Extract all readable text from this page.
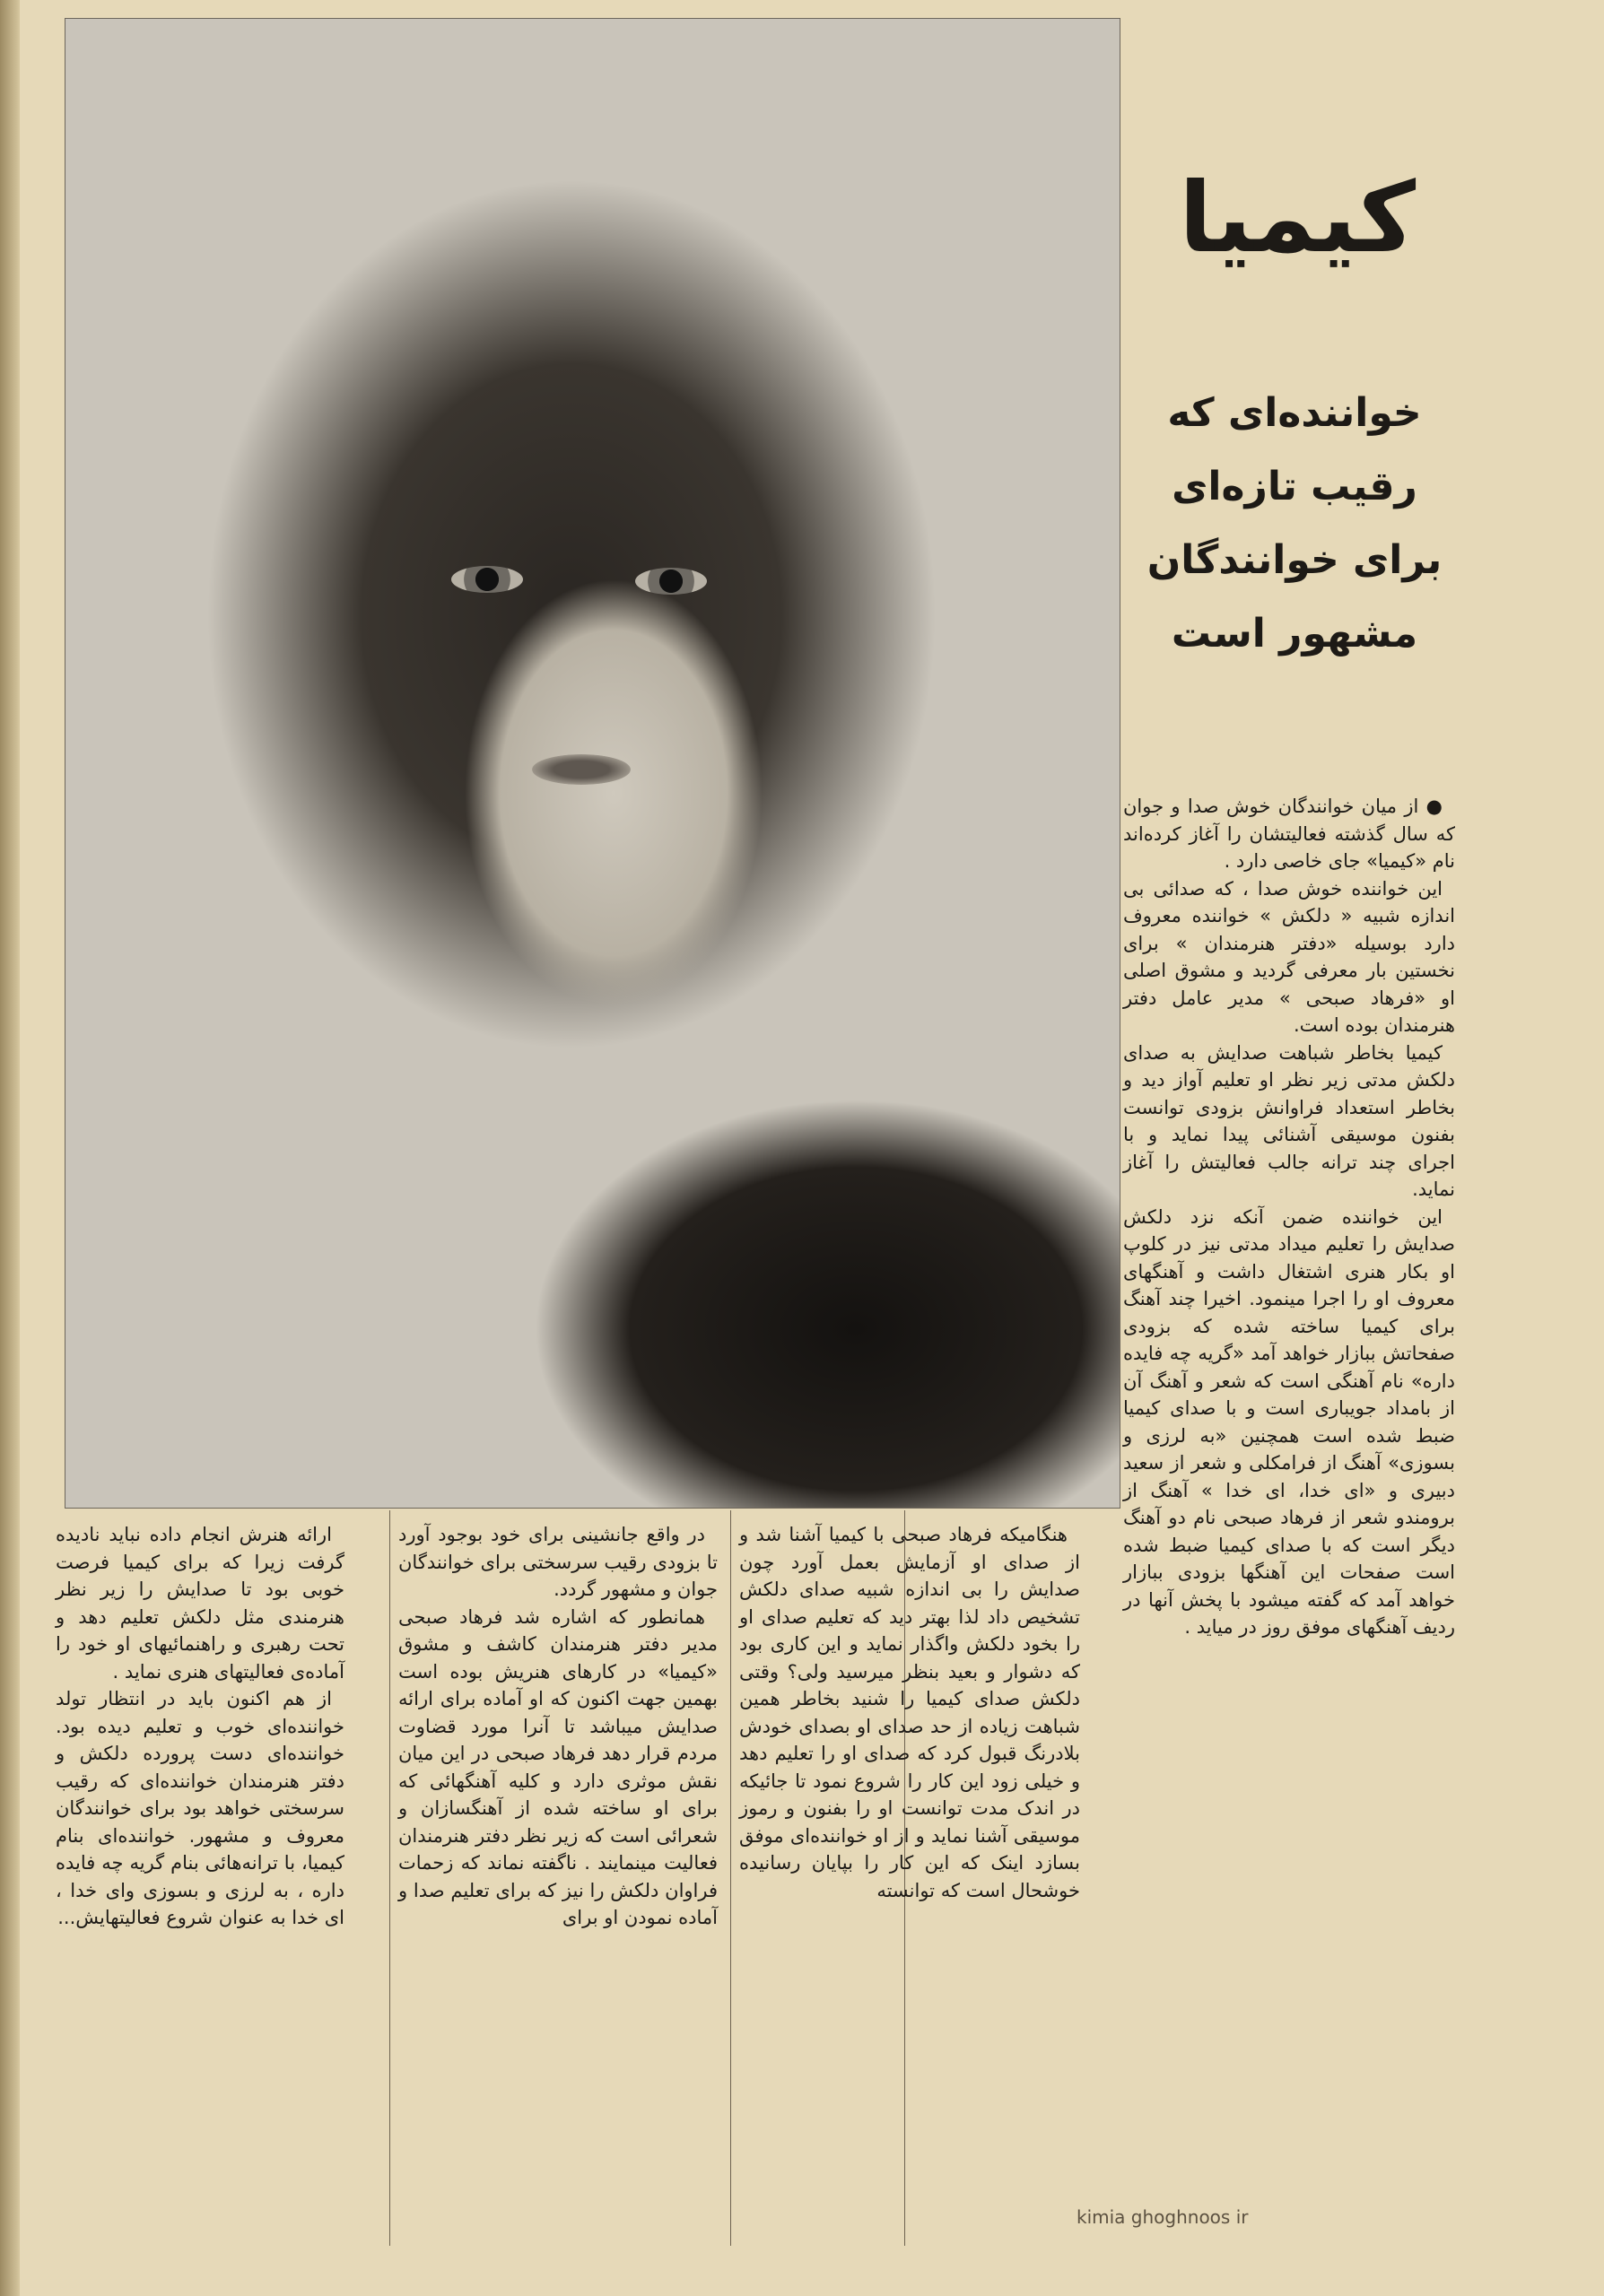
کیمیا
خواننده‌ای که
رقیب تازه‌ای
برای خوانندگان
مشهور است

● از میان خوانندگان خوش صدا و جوان که سال گذشته فعالیتشان را آغاز کرده‌اند نام «کیمیا» جای خاصی دارد .

این خواننده خوش صدا ، که صدائی بی اندازه شبیه « دلکش » خواننده معروف دارد بوسیله «دفتر هنرمندان » برای نخستین بار معرفی گردید و مشوق اصلی او «فرهاد صبحی » مدیر عامل دفتر هنرمندان بوده است.

کیمیا بخاطر شباهت صدایش به صدای دلکش مدتی زیر نظر او تعلیم آواز دید و بخاطر استعداد فراوانش بزودی توانست بفنون موسیقی آشنائی پیدا نماید و با اجرای چند ترانه جالب فعالیتش را آغاز نماید.

این خواننده ضمن آنکه نزد دلکش صدایش را تعلیم میداد مدتی نیز در کلوپ او بکار هنری اشتغال داشت و آهنگهای معروف او را اجرا مینمود. اخیرا چند آهنگ برای کیمیا ساخته شده که بزودی صفحاتش ببازار خواهد آمد «گریه چه فایده داره» نام آهنگی است که شعر و آهنگ آن از بامداد جویباری است و با صدای کیمیا ضبط شده است همچنین «به لرزی و بسوزی» آهنگ از فرامکلی و شعر از سعید دبیری و «ای خدا، ای خدا » آهنگ از برومندو شعر از فرهاد صبحی نام دو آهنگ دیگر است که با صدای کیمیا ضبط شده است صفحات این آهنگها بزودی ببازار خواهد آمد که گفته میشود با پخش آنها در ردیف آهنگهای موفق روز در میاید .

هنگامیکه فرهاد صبحی با کیمیا آشنا شد و از صدای او آزمایش بعمل آورد چون صدایش را بی اندازه شبیه صدای دلکش تشخیص داد لذا بهتر دید که تعلیم صدای او را بخود دلکش واگذار نماید و این کاری بود که دشوار و بعید بنظر میرسید ولی؟ وقتی دلکش صدای کیمیا را شنید بخاطر همین شباهت زیاده از حد صدای او بصدای خودش بلادرنگ قبول کرد که صدای او را تعلیم دهد و خیلی زود این کار را شروع نمود تا جائیکه در اندک مدت توانست او را بفنون و رموز موسیقی آشنا نماید و از او خواننده‌ای موفق بسازد اینک که این کار را بپایان رسانیده خوشحال است که توانسته

در واقع جانشینی برای خود بوجود آورد تا بزودی رقیب سرسختی برای خوانندگان جوان و مشهور گردد.

همانطور که اشاره شد فرهاد صبحی مدیر دفتر هنرمندان کاشف و مشوق «کیمیا» در کارهای هنریش بوده است بهمین جهت اکنون که او آماده برای ارائه صدایش میباشد تا آنرا مورد قضاوت مردم قرار دهد فرهاد صبحی در این میان نقش موثری دارد و کلیه آهنگهائی که برای او ساخته شده از آهنگسازان و شعرائی است که زیر نظر دفتر هنرمندان فعالیت مینمایند . ناگفته نماند که زحمات فراوان دلکش را نیز که برای تعلیم صدا و آماده نمودن او برای

ارائه هنرش انجام داده نباید نادیده گرفت زیرا که برای کیمیا فرصت خوبی بود تا صدایش را زیر نظر هنرمندی مثل دلکش تعلیم دهد و تحت رهبری و راهنمائیهای او خود را آماده‌ی فعالیتهای هنری نماید .

از هم اکنون باید در انتظار تولد خواننده‌ای خوب و تعلیم دیده بود. خواننده‌ای دست پرورده دلکش و دفتر هنرمندان خواننده‌ای که رقیب سرسختی خواهد بود برای خوانندگان معروف و مشهور. خواننده‌ای بنام کیمیا، با ترانه‌هائی بنام گریه چه فایده داره ، به لرزی و بسوزی وای خدا ، ای خدا به عنوان شروع فعالیتهایش...

kimia ghoghnoos ir
